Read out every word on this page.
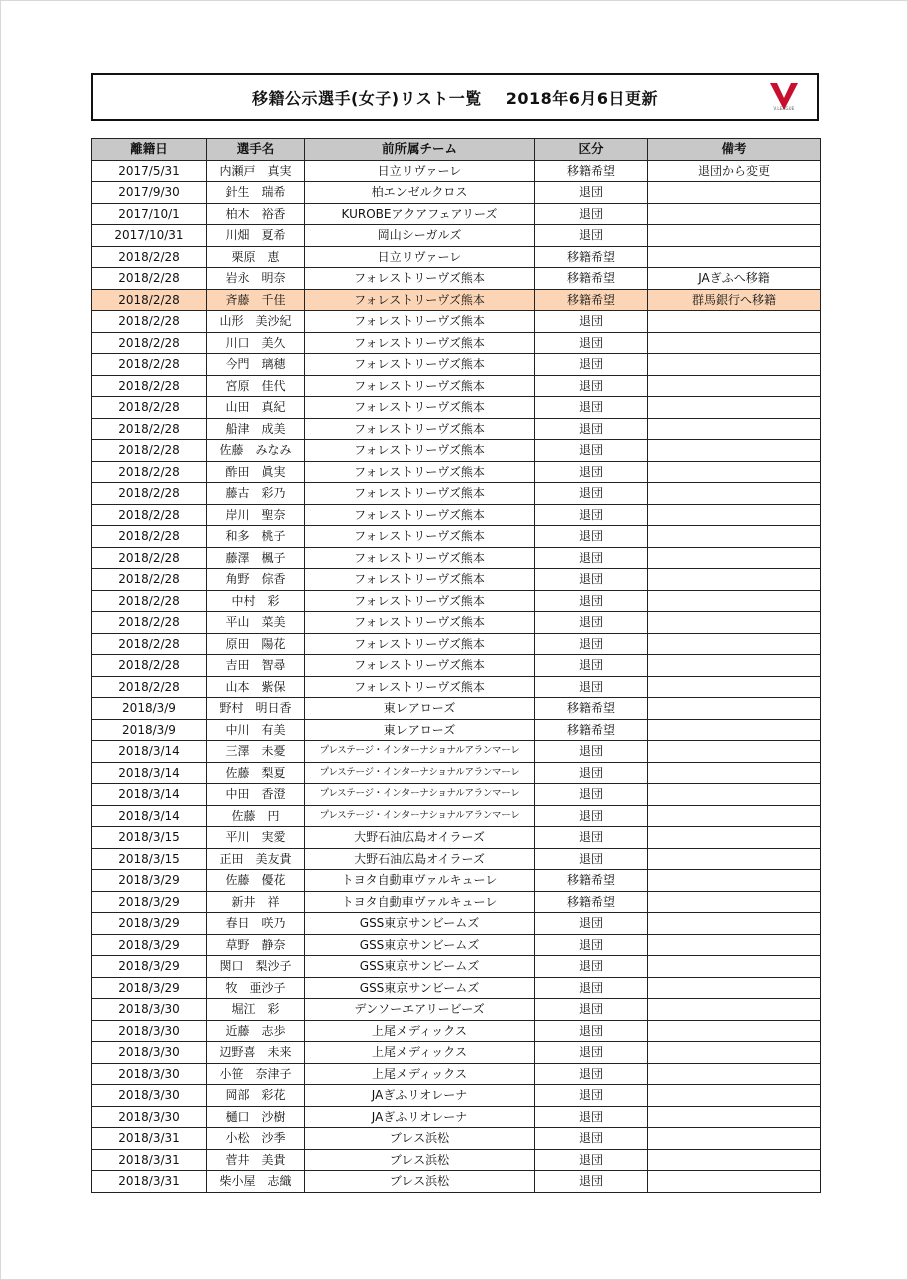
移籍公示選手(女子)リスト一覧 2018年6月6日更新
V.LEAGUE
離籍日	選手名	前所属チーム	区分	備考
2017/5/31	内瀬戸　真実	日立リヴァーレ	移籍希望	退団から変更
2017/9/30	針生　瑞希	柏エンゼルクロス	退団	
2017/10/1	柏木　裕香	KUROBEアクアフェアリーズ	退団	
2017/10/31	川畑　夏希	岡山シーガルズ	退団	
2018/2/28	栗原　恵	日立リヴァーレ	移籍希望	
2018/2/28	岩永　明奈	フォレストリーヴズ熊本	移籍希望	JAぎふへ移籍
2018/2/28	斉藤　千佳	フォレストリーヴズ熊本	移籍希望	群馬銀行へ移籍
2018/2/28	山形　美沙紀	フォレストリーヴズ熊本	退団	
2018/2/28	川口　美久	フォレストリーヴズ熊本	退団	
2018/2/28	今門　璃穂	フォレストリーヴズ熊本	退団	
2018/2/28	宮原　佳代	フォレストリーヴズ熊本	退団	
2018/2/28	山田　真紀	フォレストリーヴズ熊本	退団	
2018/2/28	船津　成美	フォレストリーヴズ熊本	退団	
2018/2/28	佐藤　みなみ	フォレストリーヴズ熊本	退団	
2018/2/28	酢田　眞実	フォレストリーヴズ熊本	退団	
2018/2/28	藤古　彩乃	フォレストリーヴズ熊本	退団	
2018/2/28	岸川　聖奈	フォレストリーヴズ熊本	退団	
2018/2/28	和多　桃子	フォレストリーヴズ熊本	退団	
2018/2/28	藤澤　楓子	フォレストリーヴズ熊本	退団	
2018/2/28	角野　倧香	フォレストリーヴズ熊本	退団	
2018/2/28	中村　彩	フォレストリーヴズ熊本	退団	
2018/2/28	平山　菜美	フォレストリーヴズ熊本	退団	
2018/2/28	原田　陽花	フォレストリーヴズ熊本	退団	
2018/2/28	吉田　智尋	フォレストリーヴズ熊本	退団	
2018/2/28	山本　紫保	フォレストリーヴズ熊本	退団	
2018/3/9	野村　明日香	東レアローズ	移籍希望	
2018/3/9	中川　有美	東レアローズ	移籍希望	
2018/3/14	三澤　未憂	プレステージ・インターナショナルアランマーレ	退団	
2018/3/14	佐藤　梨夏	プレステージ・インターナショナルアランマーレ	退団	
2018/3/14	中田　香澄	プレステージ・インターナショナルアランマーレ	退団	
2018/3/14	佐藤　円	プレステージ・インターナショナルアランマーレ	退団	
2018/3/15	平川　実愛	大野石油広島オイラーズ	退団	
2018/3/15	正田　美友貴	大野石油広島オイラーズ	退団	
2018/3/29	佐藤　優花	トヨタ自動車ヴァルキューレ	移籍希望	
2018/3/29	新井　祥	トヨタ自動車ヴァルキューレ	移籍希望	
2018/3/29	春日　咲乃	GSS東京サンビームズ	退団	
2018/3/29	草野　静奈	GSS東京サンビームズ	退団	
2018/3/29	関口　梨沙子	GSS東京サンビームズ	退団	
2018/3/29	牧　亜沙子	GSS東京サンビームズ	退団	
2018/3/30	堀江　彩	デンソーエアリービーズ	退団	
2018/3/30	近藤　志歩	上尾メディックス	退団	
2018/3/30	辺野喜　未来	上尾メディックス	退団	
2018/3/30	小笹　奈津子	上尾メディックス	退団	
2018/3/30	岡部　彩花	JAぎふリオレーナ	退団	
2018/3/30	樋口　沙樹	JAぎふリオレーナ	退団	
2018/3/31	小松　沙季	ブレス浜松	退団	
2018/3/31	菅井　美貴	ブレス浜松	退団	
2018/3/31	柴小屋　志織	ブレス浜松	退団	
